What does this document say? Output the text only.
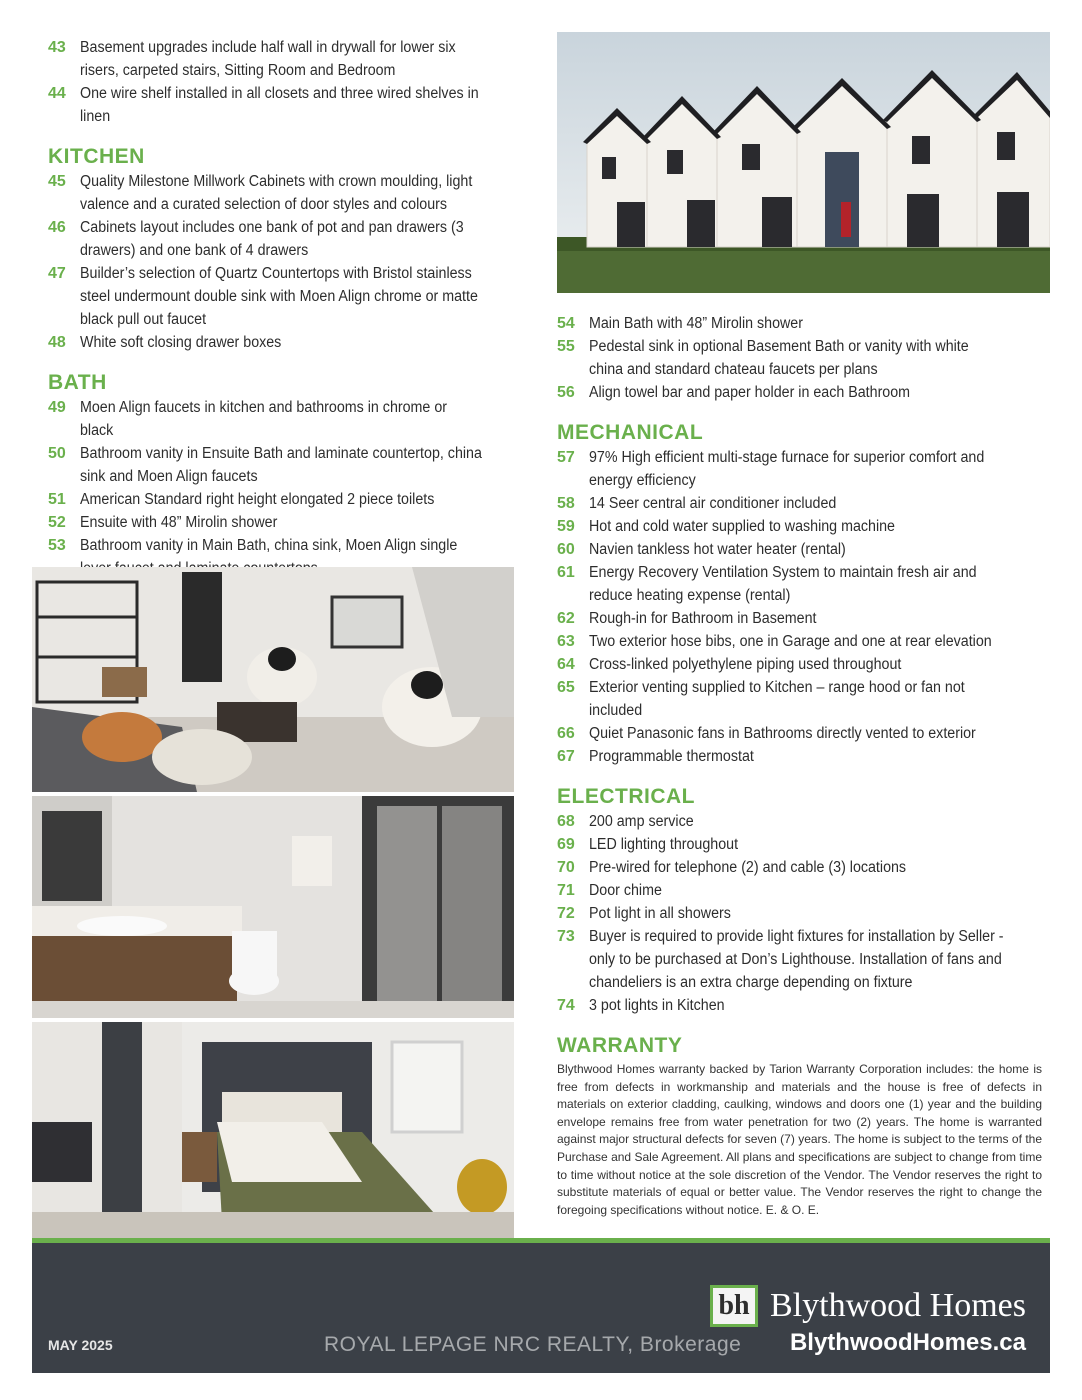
43 Basement upgrades include half wall in drywall for lower six risers, carpeted stairs, Sitting Room and Bedroom
44 One wire shelf installed in all closets and three wired shelves in linen
KITCHEN
45 Quality Milestone Millwork Cabinets with crown moulding, light valence and a curated selection of door styles and colours
46 Cabinets layout includes one bank of pot and pan drawers (3 drawers) and one bank of 4 drawers
47 Builder’s selection of Quartz Countertops with Bristol stainless steel undermount double sink with Moen Align chrome or matte black pull out faucet
48 White soft closing drawer boxes
BATH
49 Moen Align faucets in kitchen and bathrooms in chrome or black
50 Bathroom vanity in Ensuite Bath and laminate countertop, china sink and Moen Align faucets
51 American Standard right height elongated 2 piece toilets
52 Ensuite with 48” Mirolin shower
53 Bathroom vanity in Main Bath, china sink, Moen Align single
54 Main Bath with 48” Mirolin shower
55 Pedestal sink in optional Basement Bath or vanity with white china and standard chateau faucets per plans
56 Align towel bar and paper holder in each Bathroom
MECHANICAL
57 97% High efficient multi-stage furnace for superior comfort and energy efficiency
58 14 Seer central air conditioner included
59 Hot and cold water supplied to washing machine
60 Navien tankless hot water heater (rental)
61 Energy Recovery Ventilation System to maintain fresh air and reduce heating expense (rental)
62 Rough-in for Bathroom in Basement
63 Two exterior hose bibs, one in Garage and one at rear elevation
64 Cross-linked polyethylene piping used throughout
65 Exterior venting supplied to Kitchen – range hood or fan not included
66 Quiet Panasonic fans in Bathrooms directly vented to exterior
67 Programmable thermostat
ELECTRICAL
68 200 amp service
69 LED lighting throughout
70 Pre-wired for telephone (2) and cable (3) locations
71 Door chime
72 Pot light in all showers
73 Buyer is required to provide light fixtures for installation by Seller - only to be purchased at Don’s Lighthouse. Installation of fans and chandeliers is an extra charge depending on fixture
74 3 pot lights in Kitchen
WARRANTY

Blythwood Homes warranty backed by Tarion Warranty Corporation includes: the home is free from defects in workmanship and materials and the house is free of defects in materials on exterior cladding, caulking, windows and doors one (1) year and the building envelope remains free from water penetration for two (2) years. The home is warranted against major structural defects for seven (7) years. The home is subject to the terms of the Purchase and Sale Agreement. All plans and specifications are subject to change from time to time without notice at the sole discretion of the Vendor. The Vendor reserves the right to substitute materials of equal or better value. The Vendor reserves the right to change the foregoing specifications without notice. E. & O. E.

MAY 2025	ROYAL LEPAGE NRC REALTY, Brokerage
bh Blythwood Homes
BlythwoodHomes.ca
